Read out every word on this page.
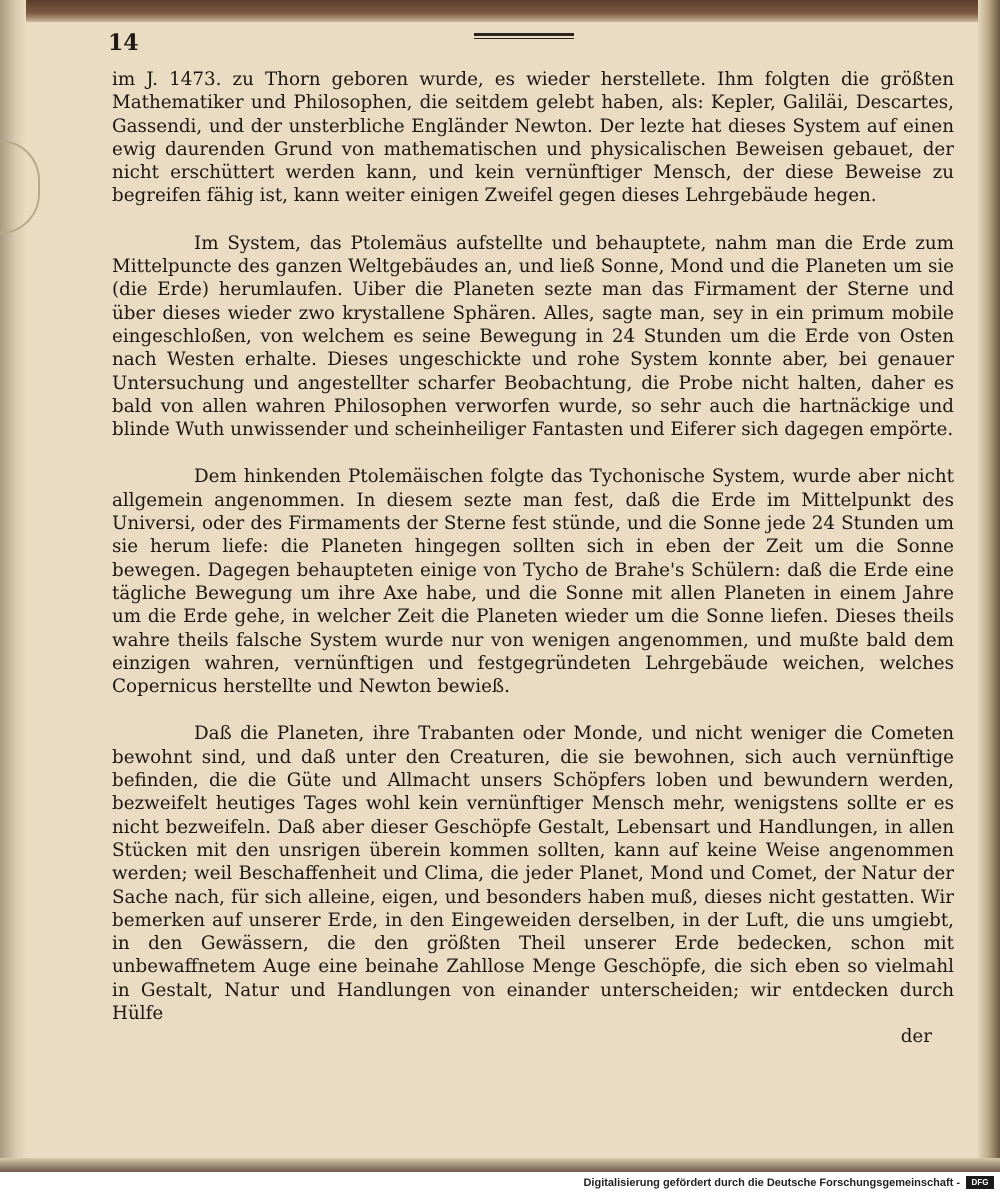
14

im J. 1473. zu Thorn geboren wurde, es wieder herstellete. Ihm folgten die größten Mathematiker und Philosophen, die seitdem gelebt haben, als: Kepler, Galiläi, Descartes, Gassendi, und der unsterbliche Engländer Newton. Der lezte hat dieses System auf einen ewig daurenden Grund von mathematischen und physicalischen Beweisen gebauet, der nicht erschüttert werden kann, und kein vernünftiger Mensch, der diese Beweise zu begreifen fähig ist, kann weiter einigen Zweifel gegen dieses Lehrgebäude hegen.

Im System, das Ptolemäus aufstellte und behauptete, nahm man die Erde zum Mittelpuncte des ganzen Weltgebäudes an, und ließ Sonne, Mond und die Planeten um sie (die Erde) herumlaufen. Uiber die Planeten sezte man das Firmament der Sterne und über dieses wieder zwo krystallene Sphären. Alles, sagte man, sey in ein primum mobile eingeschloßen, von welchem es seine Bewegung in 24 Stunden um die Erde von Osten nach Westen erhalte. Dieses ungeschickte und rohe System konnte aber, bei genauer Untersuchung und angestellter scharfer Beobachtung, die Probe nicht halten, daher es bald von allen wahren Philosophen verworfen wurde, so sehr auch die hartnäckige und blinde Wuth unwissender und scheinheiliger Fantasten und Eiferer sich dagegen empörte.

Dem hinkenden Ptolemäischen folgte das Tychonische System, wurde aber nicht allgemein angenommen. In diesem sezte man fest, daß die Erde im Mittelpunkt des Universi, oder des Firmaments der Sterne fest stünde, und die Sonne jede 24 Stunden um sie herum liefe: die Planeten hingegen sollten sich in eben der Zeit um die Sonne bewegen. Dagegen behaupteten einige von Tycho de Brahe's Schülern: daß die Erde eine tägliche Bewegung um ihre Axe habe, und die Sonne mit allen Planeten in einem Jahre um die Erde gehe, in welcher Zeit die Planeten wieder um die Sonne liefen. Dieses theils wahre theils falsche System wurde nur von wenigen angenommen, und mußte bald dem einzigen wahren, vernünftigen und festgegründeten Lehrgebäude weichen, welches Copernicus herstellte und Newton bewieß.

Daß die Planeten, ihre Trabanten oder Monde, und nicht weniger die Cometen bewohnt sind, und daß unter den Creaturen, die sie bewohnen, sich auch vernünftige befinden, die die Güte und Allmacht unsers Schöpfers loben und bewundern werden, bezweifelt heutiges Tages wohl kein vernünftiger Mensch mehr, wenigstens sollte er es nicht bezweifeln. Daß aber dieser Geschöpfe Gestalt, Lebensart und Handlungen, in allen Stücken mit den unsrigen überein kommen sollten, kann auf keine Weise angenommen werden; weil Beschaffenheit und Clima, die jeder Planet, Mond und Comet, der Natur der Sache nach, für sich alleine, eigen, und besonders haben muß, dieses nicht gestatten. Wir bemerken auf unserer Erde, in den Eingeweiden derselben, in der Luft, die uns umgiebt, in den Gewässern, die den größten Theil unserer Erde bedecken, schon mit unbewaffnetem Auge eine beinahe Zahllose Menge Geschöpfe, die sich eben so vielmahl in Gestalt, Natur und Handlungen von einander unterscheiden; wir entdecken durch Hülfe

der
Digitalisierung gefördert durch die Deutsche Forschungsgemeinschaft -	DFG
